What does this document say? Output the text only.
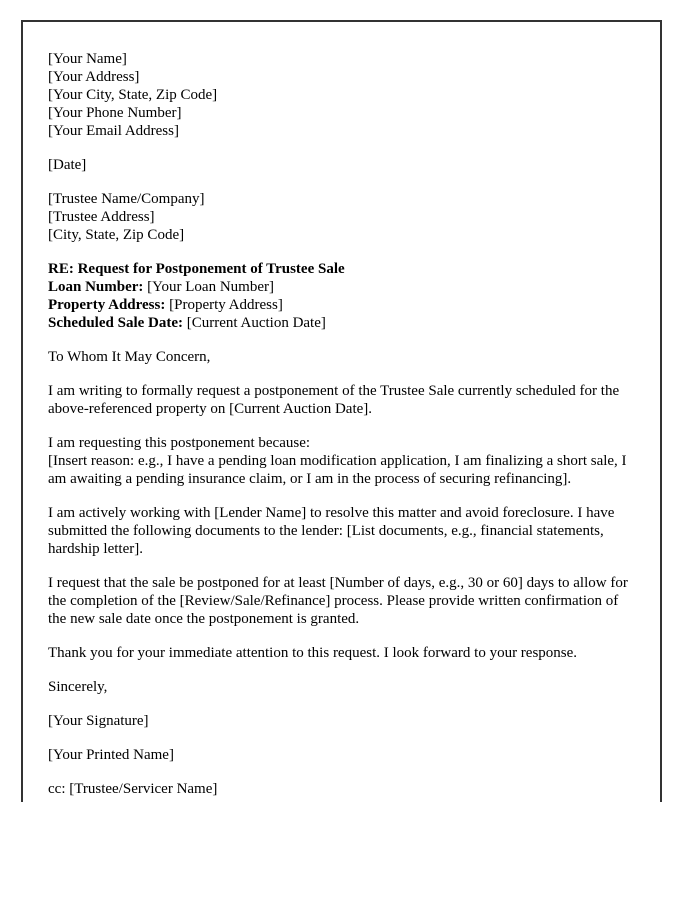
[Your Name]
[Your Address]
[Your City, State, Zip Code]
[Your Phone Number]
[Your Email Address]

[Date]

[Trustee Name/Company]
[Trustee Address]
[City, State, Zip Code]

RE: Request for Postponement of Trustee Sale
Loan Number: [Your Loan Number]
Property Address: [Property Address]
Scheduled Sale Date: [Current Auction Date]

To Whom It May Concern,

I am writing to formally request a postponement of the Trustee Sale currently scheduled for the above-referenced property on [Current Auction Date].

I am requesting this postponement because:
[Insert reason: e.g., I have a pending loan modification application, I am finalizing a short sale, I am awaiting a pending insurance claim, or I am in the process of securing refinancing].

I am actively working with [Lender Name] to resolve this matter and avoid foreclosure. I have submitted the following documents to the lender: [List documents, e.g., financial statements, hardship letter].

I request that the sale be postponed for at least [Number of days, e.g., 30 or 60] days to allow for the completion of the [Review/Sale/Refinance] process. Please provide written confirmation of the new sale date once the postponement is granted.

Thank you for your immediate attention to this request. I look forward to your response.

Sincerely,

[Your Signature]

[Your Printed Name]

cc: [Trustee/Servicer Name]
